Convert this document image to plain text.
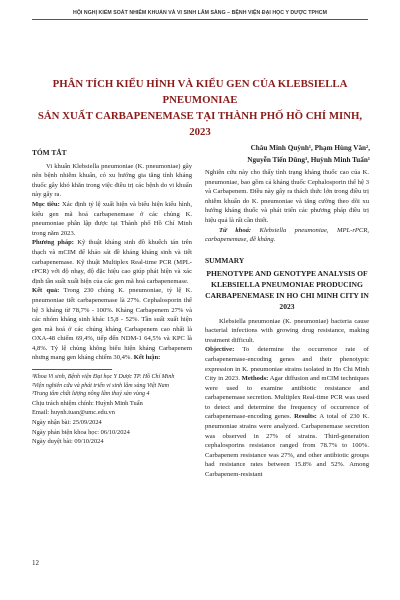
HỘI NGHỊ KIỂM SOÁT NHIỄM KHUẨN VÀ VI SINH LÂM SÀNG – BỆNH VIỆN ĐẠI HỌC Y DƯỢC TPHCM
PHÂN TÍCH KIỂU HÌNH VÀ KIỂU GEN CỦA KLEBSIELLA PNEUMONIAE
SẢN XUẤT CARBAPENEMASE TẠI THÀNH PHỐ HỒ CHÍ MINH, 2023
Châu Minh Quỳnh¹, Phạm Hùng Vân²,
Nguyễn Tiến Dũng³, Huỳnh Minh Tuấn¹

TÓM TẮT

Vi khuẩn Klebsiella pneumoniae (K. pneumoniae) gây nên bệnh nhiễm khuẩn, có xu hướng gia tăng tính kháng thuốc gây khó khăn trong việc điều trị các bệnh do vi khuẩn này gây ra.

Mục tiêu: Xác định tỷ lệ xuất hiện và biểu hiện kiểu hình, kiểu gen mã hoá carbapenemase ở các chủng K. pneumoniae phân lập được tại Thành phố Hồ Chí Minh trong năm 2023.

Phương pháp: Kỹ thuật kháng sinh đồ khuếch tán trên thạch và mCIM để khảo sát đề kháng kháng sinh và tiết carbapenemase. Kỹ thuật Multiplex Real-time PCR (MPL-rPCR) với độ nhạy, độ đặc hiệu cao giúp phát hiện và xác định tần suất xuất hiện của các gen mã hoá carbapenemase.

Kết quả: Trong 230 chủng K. pneumoniae, tỷ lệ K. pneumoniae tiết carbapenemase là 27%. Cephalosporin thế hệ 3 kháng từ 78,7% - 100%. Kháng Carbapenem 27% và các nhóm kháng sinh khác 15,8 - 52%. Tần suất xuất hiện gen mã hoá ở các chủng kháng Carbapenem cao nhất là OXA-48 chiếm 69,4%, tiếp đến NDM-1 64,5% và KPC là 4,8%. Tỷ lệ chủng không biểu hiện kháng Carbapenem nhưng mang gen kháng chiếm 30,4%. Kết luận:

¹Khoa Vi sinh, Bệnh viện Đại học Y Dược TP. Hồ Chí Minh

²Viện nghiên cứu và phát triển vi sinh lâm sàng Việt Nam

³Trung tâm chất lượng nông lâm thuỷ sản vùng 4

Chịu trách nhiệm chính: Huỳnh Minh Tuấn

Email: huynh.tuan@umc.edu.vn

Ngày nhận bài: 25/09/2024

Ngày phản biện khoa học: 06/10/2024

Ngày duyệt bài: 09/10/2024

Nghiên cứu này cho thấy tình trạng kháng thuốc cao của K. pneumoniae, bao gồm cả kháng thuốc Cephalosporin thế hệ 3 và Carbapenem. Điều này gây ra thách thức lớn trong điều trị nhiễm khuẩn do K. pneumoniae và tăng cường theo dõi xu hướng kháng thuốc và phát triển các phương pháp điều trị hiệu quả là rất cần thiết.

Từ khoá: Klebsiella pneumoniae, MPL-rPCR, carbapenemase, đề kháng.

SUMMARY

PHENOTYPE AND GENOTYPE ANALYSIS OF KLEBSIELLA PNEUMONIAE PRODUCING CARBAPENEMASE IN HO CHI MINH CITY IN 2023

Klebsiella pneumoniae (K. pneumoniae) bacteria cause bacterial infections with growing drug resistance, making treatment difficult.

Objective: To determine the occurrence rate of carbapenemase-encoding genes and their phenotypic expression in K. pneumoniae strains isolated in Ho Chi Minh City in 2023. Methods: Agar diffusion and mCIM techniques were used to examine antibiotic resistance and carbapenemase secretion. Multiplex Real-time PCR was used to detect and determine the frequency of occurrence of carbapenemase-encoding genes. Results: A total of 230 K. pneumoniae strains were analyzed. Carbapenemase secretion was observed in 27% of strains. Third-generation cephalosporins resistance ranged from 78.7% to 100%. Carbapenem resistance was 27%, and other antibiotic groups had resistance rates between 15.8% and 52%. Among Carbapenem-resistant

12
